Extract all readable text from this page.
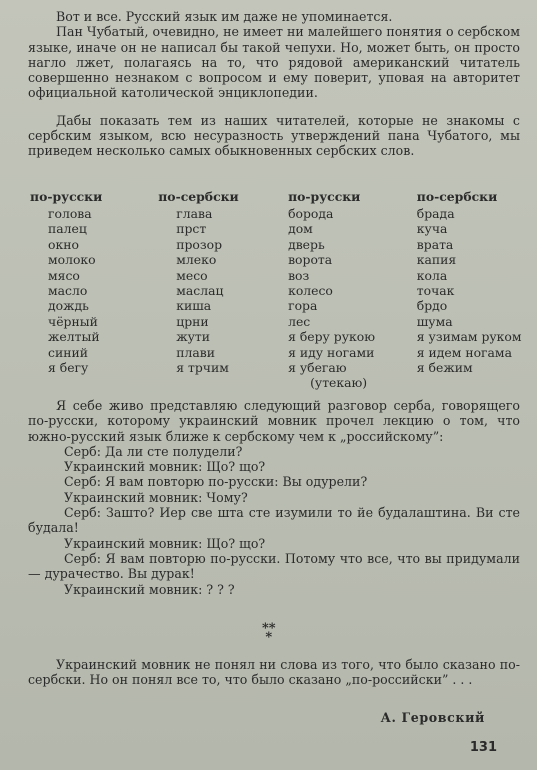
Вот и все. Русский язык им даже не упоминается.

Пан Чубатый, очевидно, не имеет ни малейшего понятия о сербском языке, иначе он не написал бы такой чепухи. Но, может быть, он просто нагло лжет, полагаясь на то, что рядовой американский читатель совершенно незнаком с вопросом и ему поверит, уповая на авторитет официальной католической энциклопедии.

Дабы показать тем из наших читателей, которые не знакомы с сербским языком, всю несуразность утверждений пана Чубатого, мы приведем несколько самых обыкновенных сербских слов.

по-русски	по-сербски	по-русски	по-сербски
голова	глава	борода	брада
палец	прст	дом	куча
окно	прозор	дверь	врата
молоко	млеко	ворота	капия
мясо	месо	воз	кола
масло	маслац	колесо	точак
дождь	киша	гора	брдо
чёрный	црни	лес	шума
желтый	жути	я беру рукою	я узимам руком
синий	плави	я иду ногами	я идем ногама
я бегу	я трчим	я убегаю	я бежим
		(утекаю)	

Я себе живо представляю следующий разговор серба, говорящего по-русски, которому украинский мовник прочел лекцию о том, что южно-русский язык ближе к сербскому чем к „российскому”:

Серб: Да ли сте полудели?

Украинский мовник: Що? що?

Серб: Я вам повторю по-русски: Вы одурели?

Украинский мовник: Чому?

Серб: Зашто? Иер све шта сте изумили то йе будалаштина. Ви сте будала!

Украинский мовник: Що? що?

Серб: Я вам повторю по-русски. Потому что все, что вы придумали — дурачество. Вы дурак!

Украинский мовник: ? ? ?

**
*

Украинский мовник не понял ни слова из того, что было сказано по-сербски. Но он понял все то, что было сказано „по-российски” . . .

А. Геровский
131
